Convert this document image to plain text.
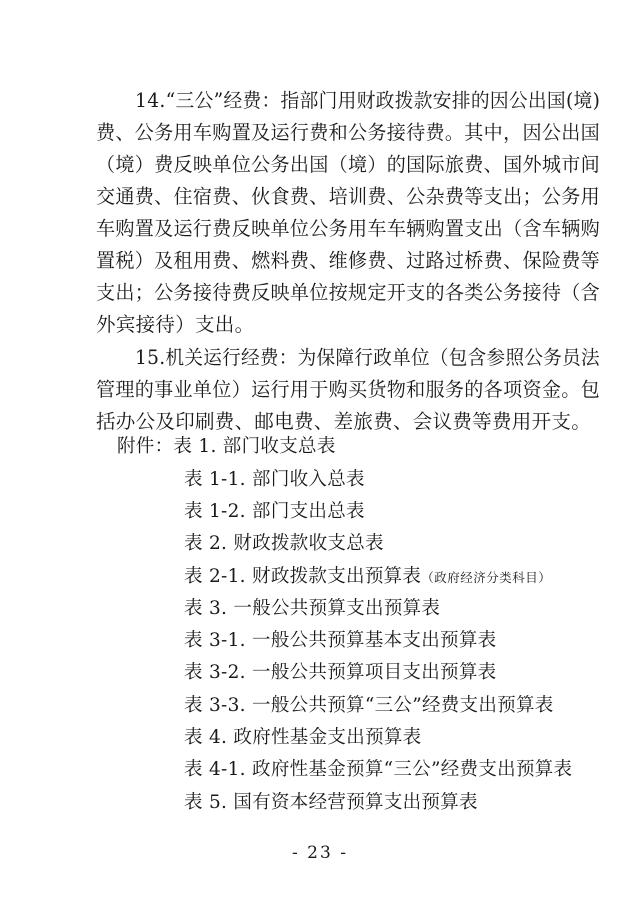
14.“三公”经费：指部门用财政拨款安排的因公出国(境)
费、公务用车购置及运行费和公务接待费。其中，因公出国
（境）费反映单位公务出国（境）的国际旅费、国外城市间
交通费、住宿费、伙食费、培训费、公杂费等支出；公务用
车购置及运行费反映单位公务用车车辆购置支出（含车辆购
置税）及租用费、燃料费、维修费、过路过桥费、保险费等
支出；公务接待费反映单位按规定开支的各类公务接待（含
外宾接待）支出。
15.机关运行经费：为保障行政单位（包含参照公务员法
管理的事业单位）运行用于购买货物和服务的各项资金。包
括办公及印刷费、邮电费、差旅费、会议费等费用开支。
附件：表 1. 部门收支总表
表 1-1. 部门收入总表
表 1-2. 部门支出总表
表 2. 财政拨款收支总表
表 2-1. 财政拨款支出预算表（政府经济分类科目）
表 3. 一般公共预算支出预算表
表 3-1. 一般公共预算基本支出预算表
表 3-2. 一般公共预算项目支出预算表
表 3-3. 一般公共预算“三公”经费支出预算表
表 4. 政府性基金支出预算表
表 4-1. 政府性基金预算“三公”经费支出预算表
表 5. 国有资本经营预算支出预算表
- 23 -
